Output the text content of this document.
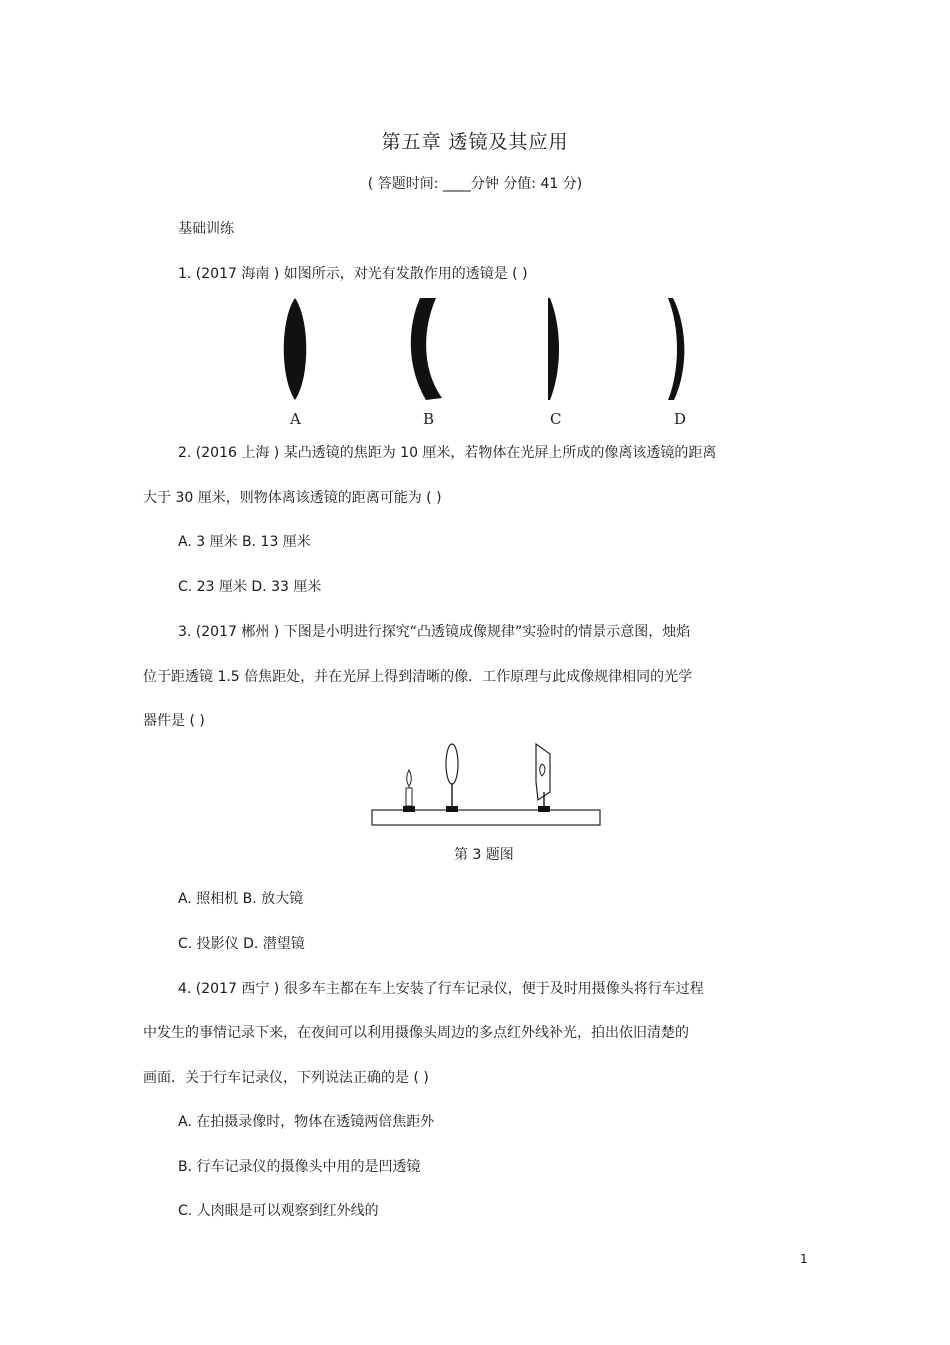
第五章 透镜及其应用
( 答题时间: ____分钟 分值: 41 分)
基础训练
1. (2017 海南 ) 如图所示，对光有发散作用的透镜是 ( )
A	B	C	D
2. (2016 上海 ) 某凸透镜的焦距为 10 厘米，若物体在光屏上所成的像离该透镜的距离
大于 30 厘米，则物体离该透镜的距离可能为 ( )
A. 3 厘米 B. 13 厘米
C. 23 厘米 D. 33 厘米
3. (2017 郴州 ) 下图是小明进行探究“凸透镜成像规律”实验时的情景示意图，烛焰
位于距透镜 1.5 倍焦距处，并在光屏上得到清晰的像．工作原理与此成像规律相同的光学
器件是 ( )
第 3 题图
A. 照相机 B. 放大镜
C. 投影仪 D. 潜望镜
4. (2017 西宁 ) 很多车主都在车上安装了行车记录仪，便于及时用摄像头将行车过程
中发生的事情记录下来，在夜间可以利用摄像头周边的多点红外线补光，拍出依旧清楚的
画面．关于行车记录仪，下列说法正确的是 ( )
A. 在拍摄录像时，物体在透镜两倍焦距外
B. 行车记录仪的摄像头中用的是凹透镜
C. 人肉眼是可以观察到红外线的
1
